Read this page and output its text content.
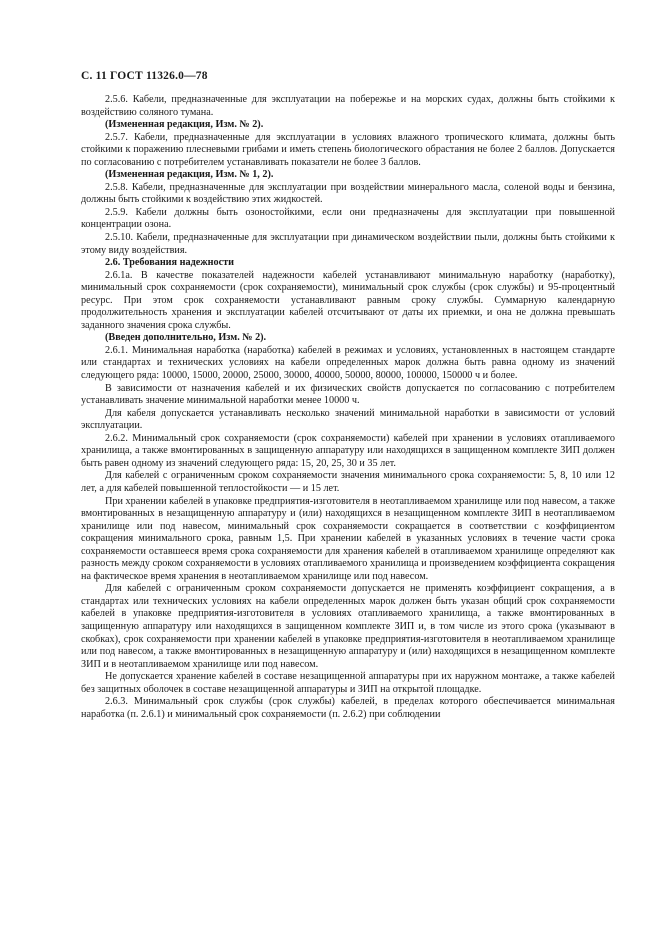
С. 11 ГОСТ 11326.0—78

2.5.6. Кабели, предназначенные для эксплуатации на побережье и на морских судах, должны быть стойкими к воздействию соляного тумана.

(Измененная редакция, Изм. № 2).

2.5.7. Кабели, предназначенные для эксплуатации в условиях влажного тропического климата, должны быть стойкими к поражению плесневыми грибами и иметь степень биологического обрастания не более 2 баллов. Допускается по согласованию с потребителем устанавливать показатели не более 3 баллов.

(Измененная редакция, Изм. № 1, 2).

2.5.8. Кабели, предназначенные для эксплуатации при воздействии минерального масла, соленой воды и бензина, должны быть стойкими к воздействию этих жидкостей.

2.5.9. Кабели должны быть озоностойкими, если они предназначены для эксплуатации при повышенной концентрации озона.

2.5.10. Кабели, предназначенные для эксплуатации при динамическом воздействии пыли, должны быть стойкими к этому виду воздействия.

2.6. Требования надежности

2.6.1а. В качестве показателей надежности кабелей устанавливают минимальную наработку (наработку), минимальный срок сохраняемости (срок сохраняемости), минимальный срок службы (срок службы) и 95-процентный ресурс. При этом срок сохраняемости устанавливают равным сроку службы. Суммарную календарную продолжительность хранения и эксплуатации кабелей отсчитывают от даты их приемки, и она не должна превышать заданного значения срока службы.

(Введен дополнительно, Изм. № 2).

2.6.1. Минимальная наработка (наработка) кабелей в режимах и условиях, установленных в настоящем стандарте или стандартах и технических условиях на кабели определенных марок должна быть равна одному из значений следующего ряда: 10000, 15000, 20000, 25000, 30000, 40000, 50000, 80000, 100000, 150000 ч и более.

В зависимости от назначения кабелей и их физических свойств допускается по согласованию с потребителем устанавливать значение минимальной наработки менее 10000 ч.

Для кабеля допускается устанавливать несколько значений минимальной наработки в зависимости от условий эксплуатации.

2.6.2. Минимальный срок сохраняемости (срок сохраняемости) кабелей при хранении в условиях отапливаемого хранилища, а также вмонтированных в защищенную аппаратуру или находящихся в защищенном комплекте ЗИП должен быть равен одному из значений следующего ряда: 15, 20, 25, 30 и 35 лет.

Для кабелей с ограниченным сроком сохраняемости значения минимального срока сохраняемости: 5, 8, 10 или 12 лет, а для кабелей повышенной теплостойкости — и 15 лет.

При хранении кабелей в упаковке предприятия-изготовителя в неотапливаемом хранилище или под навесом, а также вмонтированных в незащищенную аппаратуру и (или) находящихся в незащищенном комплекте ЗИП в неотапливаемом хранилище или под навесом, минимальный срок сохраняемости сокращается в соответствии с коэффициентом сокращения минимального срока, равным 1,5. При хранении кабелей в указанных условиях в течение части срока сохраняемости оставшееся время срока сохраняемости для хранения кабелей в отапливаемом хранилище определяют как разность между сроком сохраняемости в условиях отапливаемого хранилища и произведением коэффициента сокращения на фактическое время хранения в неотапливаемом хранилище или под навесом.

Для кабелей с ограниченным сроком сохраняемости допускается не применять коэффициент сокращения, а в стандартах или технических условиях на кабели определенных марок должен быть указан общий срок сохраняемости кабелей в упаковке предприятия-изготовителя в условиях отапливаемого хранилища, а также вмонтированных в защищенную аппаратуру или находящихся в защищенном комплекте ЗИП и, в том числе из этого срока (указывают в скобках), срок сохраняемости при хранении кабелей в упаковке предприятия-изготовителя в неотапливаемом хранилище или под навесом, а также вмонтированных в незащищенную аппаратуру и (или) находящихся в незащищенном комплекте ЗИП и в неотапливаемом хранилище или под навесом.

Не допускается хранение кабелей в составе незащищенной аппаратуры при их наружном монтаже, а также кабелей без защитных оболочек в составе незащищенной аппаратуры и ЗИП на открытой площадке.

2.6.3. Минимальный срок службы (срок службы) кабелей, в пределах которого обеспечивается минимальная наработка (п. 2.6.1) и минимальный срок сохраняемости (п. 2.6.2) при соблюдении
